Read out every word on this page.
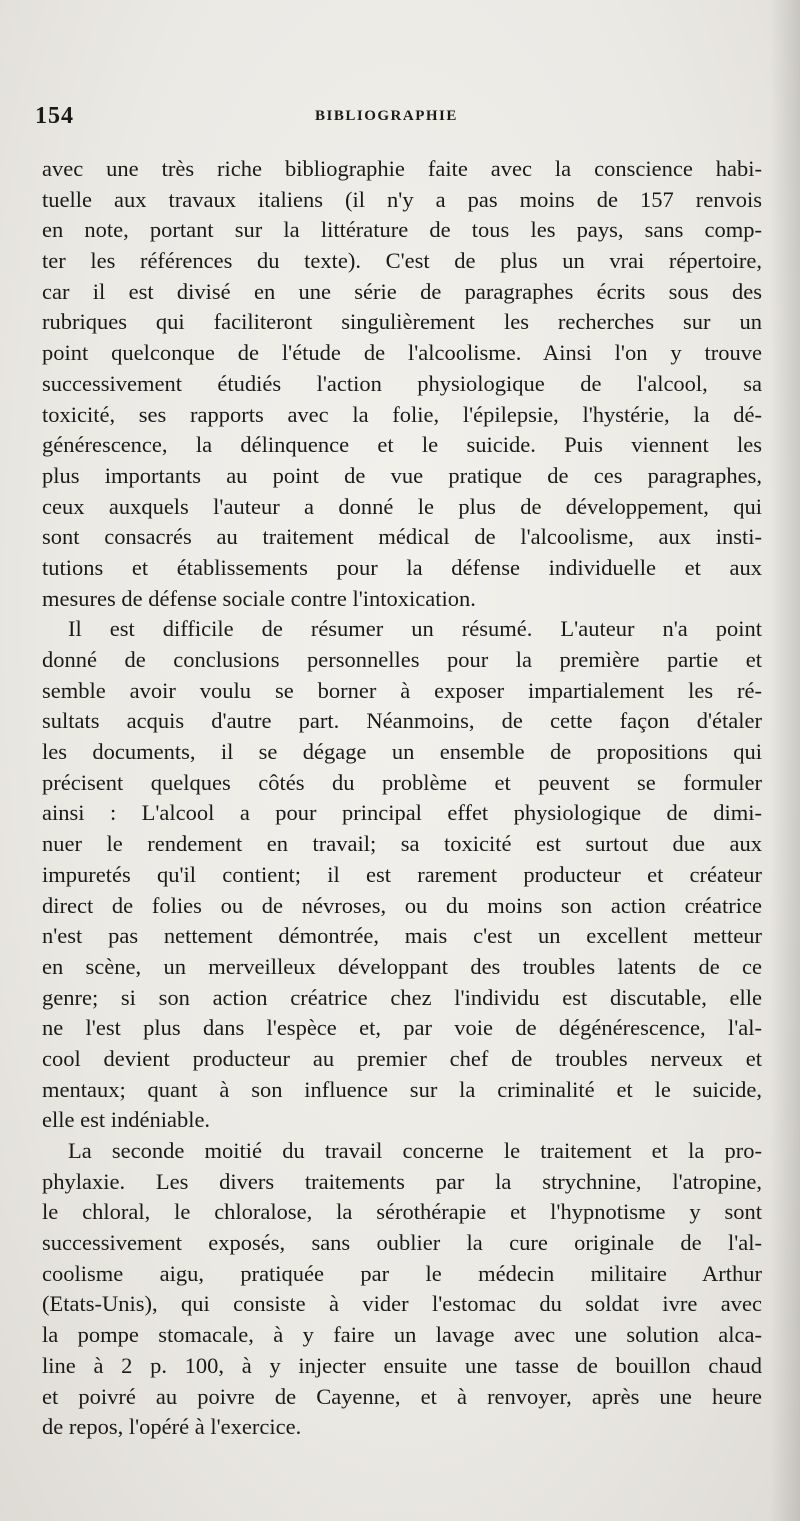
154	BIBLIOGRAPHIE
avec une très riche bibliographie faite avec la conscience habi-
tuelle aux travaux italiens (il n'y a pas moins de 157 renvois
en note, portant sur la littérature de tous les pays, sans comp-
ter les références du texte). C'est de plus un vrai répertoire,
car il est divisé en une série de paragraphes écrits sous des
rubriques qui faciliteront singulièrement les recherches sur un
point quelconque de l'étude de l'alcoolisme. Ainsi l'on y trouve
successivement étudiés l'action physiologique de l'alcool, sa
toxicité, ses rapports avec la folie, l'épilepsie, l'hystérie, la dé-
générescence, la délinquence et le suicide. Puis viennent les
plus importants au point de vue pratique de ces paragraphes,
ceux auxquels l'auteur a donné le plus de développement, qui
sont consacrés au traitement médical de l'alcoolisme, aux insti-
tutions et établissements pour la défense individuelle et aux
mesures de défense sociale contre l'intoxication.
Il est difficile de résumer un résumé. L'auteur n'a point
donné de conclusions personnelles pour la première partie et
semble avoir voulu se borner à exposer impartialement les ré-
sultats acquis d'autre part. Néanmoins, de cette façon d'étaler
les documents, il se dégage un ensemble de propositions qui
précisent quelques côtés du problème et peuvent se formuler
ainsi : L'alcool a pour principal effet physiologique de dimi-
nuer le rendement en travail; sa toxicité est surtout due aux
impuretés qu'il contient; il est rarement producteur et créateur
direct de folies ou de névroses, ou du moins son action créatrice
n'est pas nettement démontrée, mais c'est un excellent metteur
en scène, un merveilleux développant des troubles latents de ce
genre; si son action créatrice chez l'individu est discutable, elle
ne l'est plus dans l'espèce et, par voie de dégénérescence, l'al-
cool devient producteur au premier chef de troubles nerveux et
mentaux; quant à son influence sur la criminalité et le suicide,
elle est indéniable.
La seconde moitié du travail concerne le traitement et la pro-
phylaxie. Les divers traitements par la strychnine, l'atropine,
le chloral, le chloralose, la sérothérapie et l'hypnotisme y sont
successivement exposés, sans oublier la cure originale de l'al-
coolisme aigu, pratiquée par le médecin militaire Arthur
(Etats-Unis), qui consiste à vider l'estomac du soldat ivre avec
la pompe stomacale, à y faire un lavage avec une solution alca-
line à 2 p. 100, à y injecter ensuite une tasse de bouillon chaud
et poivré au poivre de Cayenne, et à renvoyer, après une heure
de repos, l'opéré à l'exercice.
